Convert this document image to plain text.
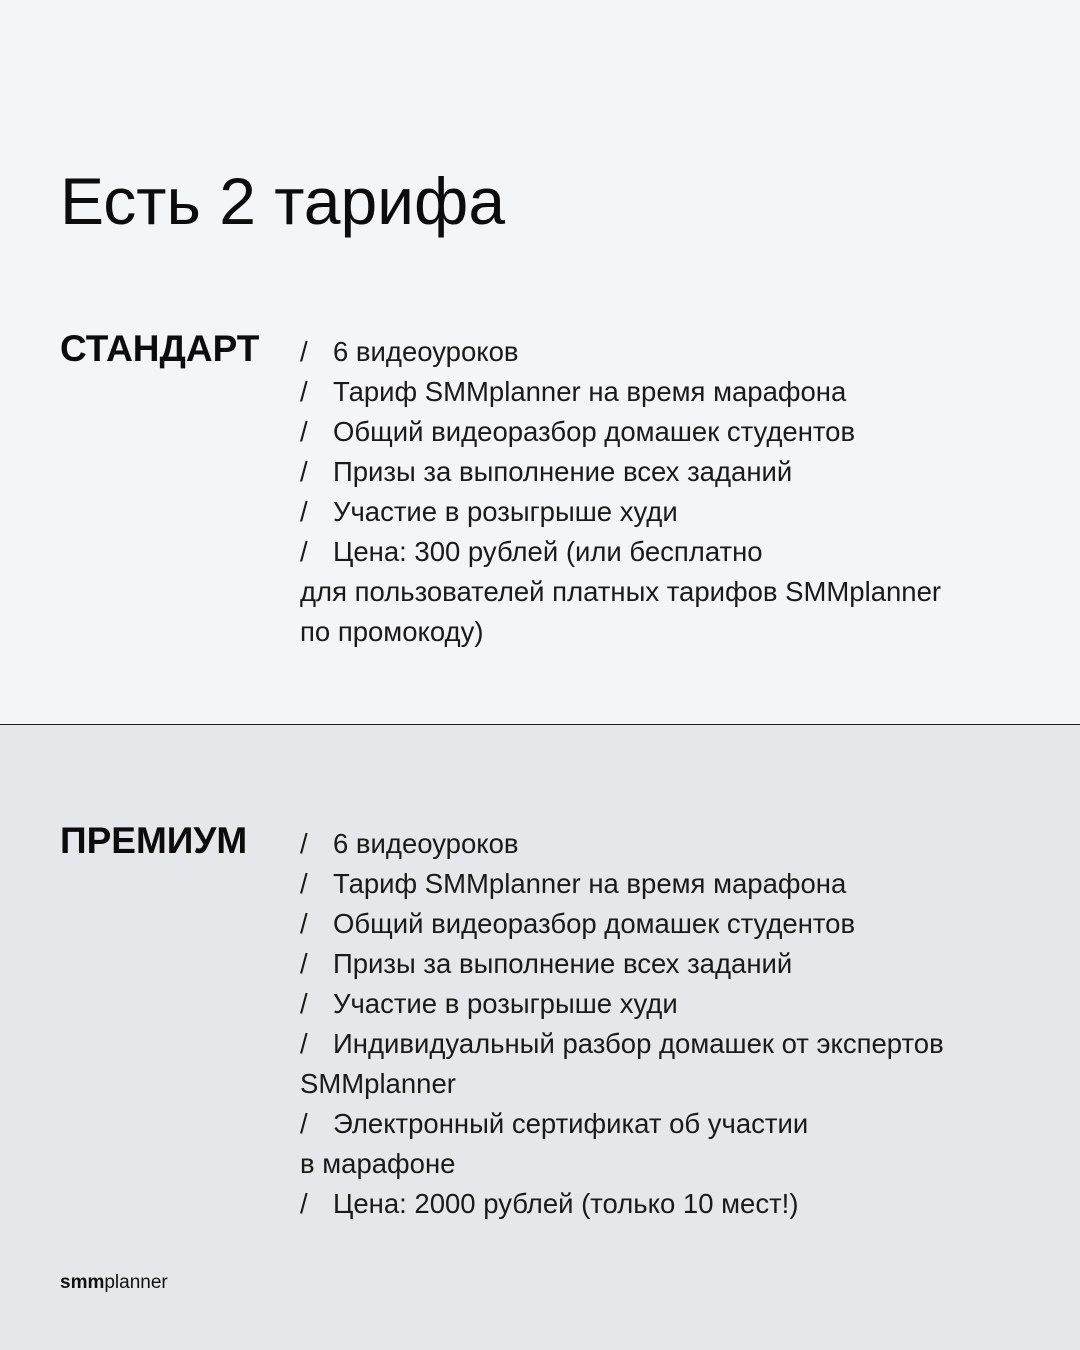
Есть 2 тарифа
СТАНДАРТ / 6 видеоуроков
/ Тариф SMMplanner на время марафона
/ Общий видеоразбор домашек студентов
/ Призы за выполнение всех заданий
/ Участие в розыгрыше худи
/ Цена: 300 рублей (или бесплатно
для пользователей платных тарифов SMMplanner
по промокоду)
ПРЕМИУМ / 6 видеоуроков
/ Тариф SMMplanner на время марафона
/ Общий видеоразбор домашек студентов
/ Призы за выполнение всех заданий
/ Участие в розыгрыше худи
/ Индивидуальный разбор домашек от экспертов
SMMplanner
/ Электронный сертификат об участии
в марафоне
/ Цена: 2000 рублей (только 10 мест!)
smmplanner
